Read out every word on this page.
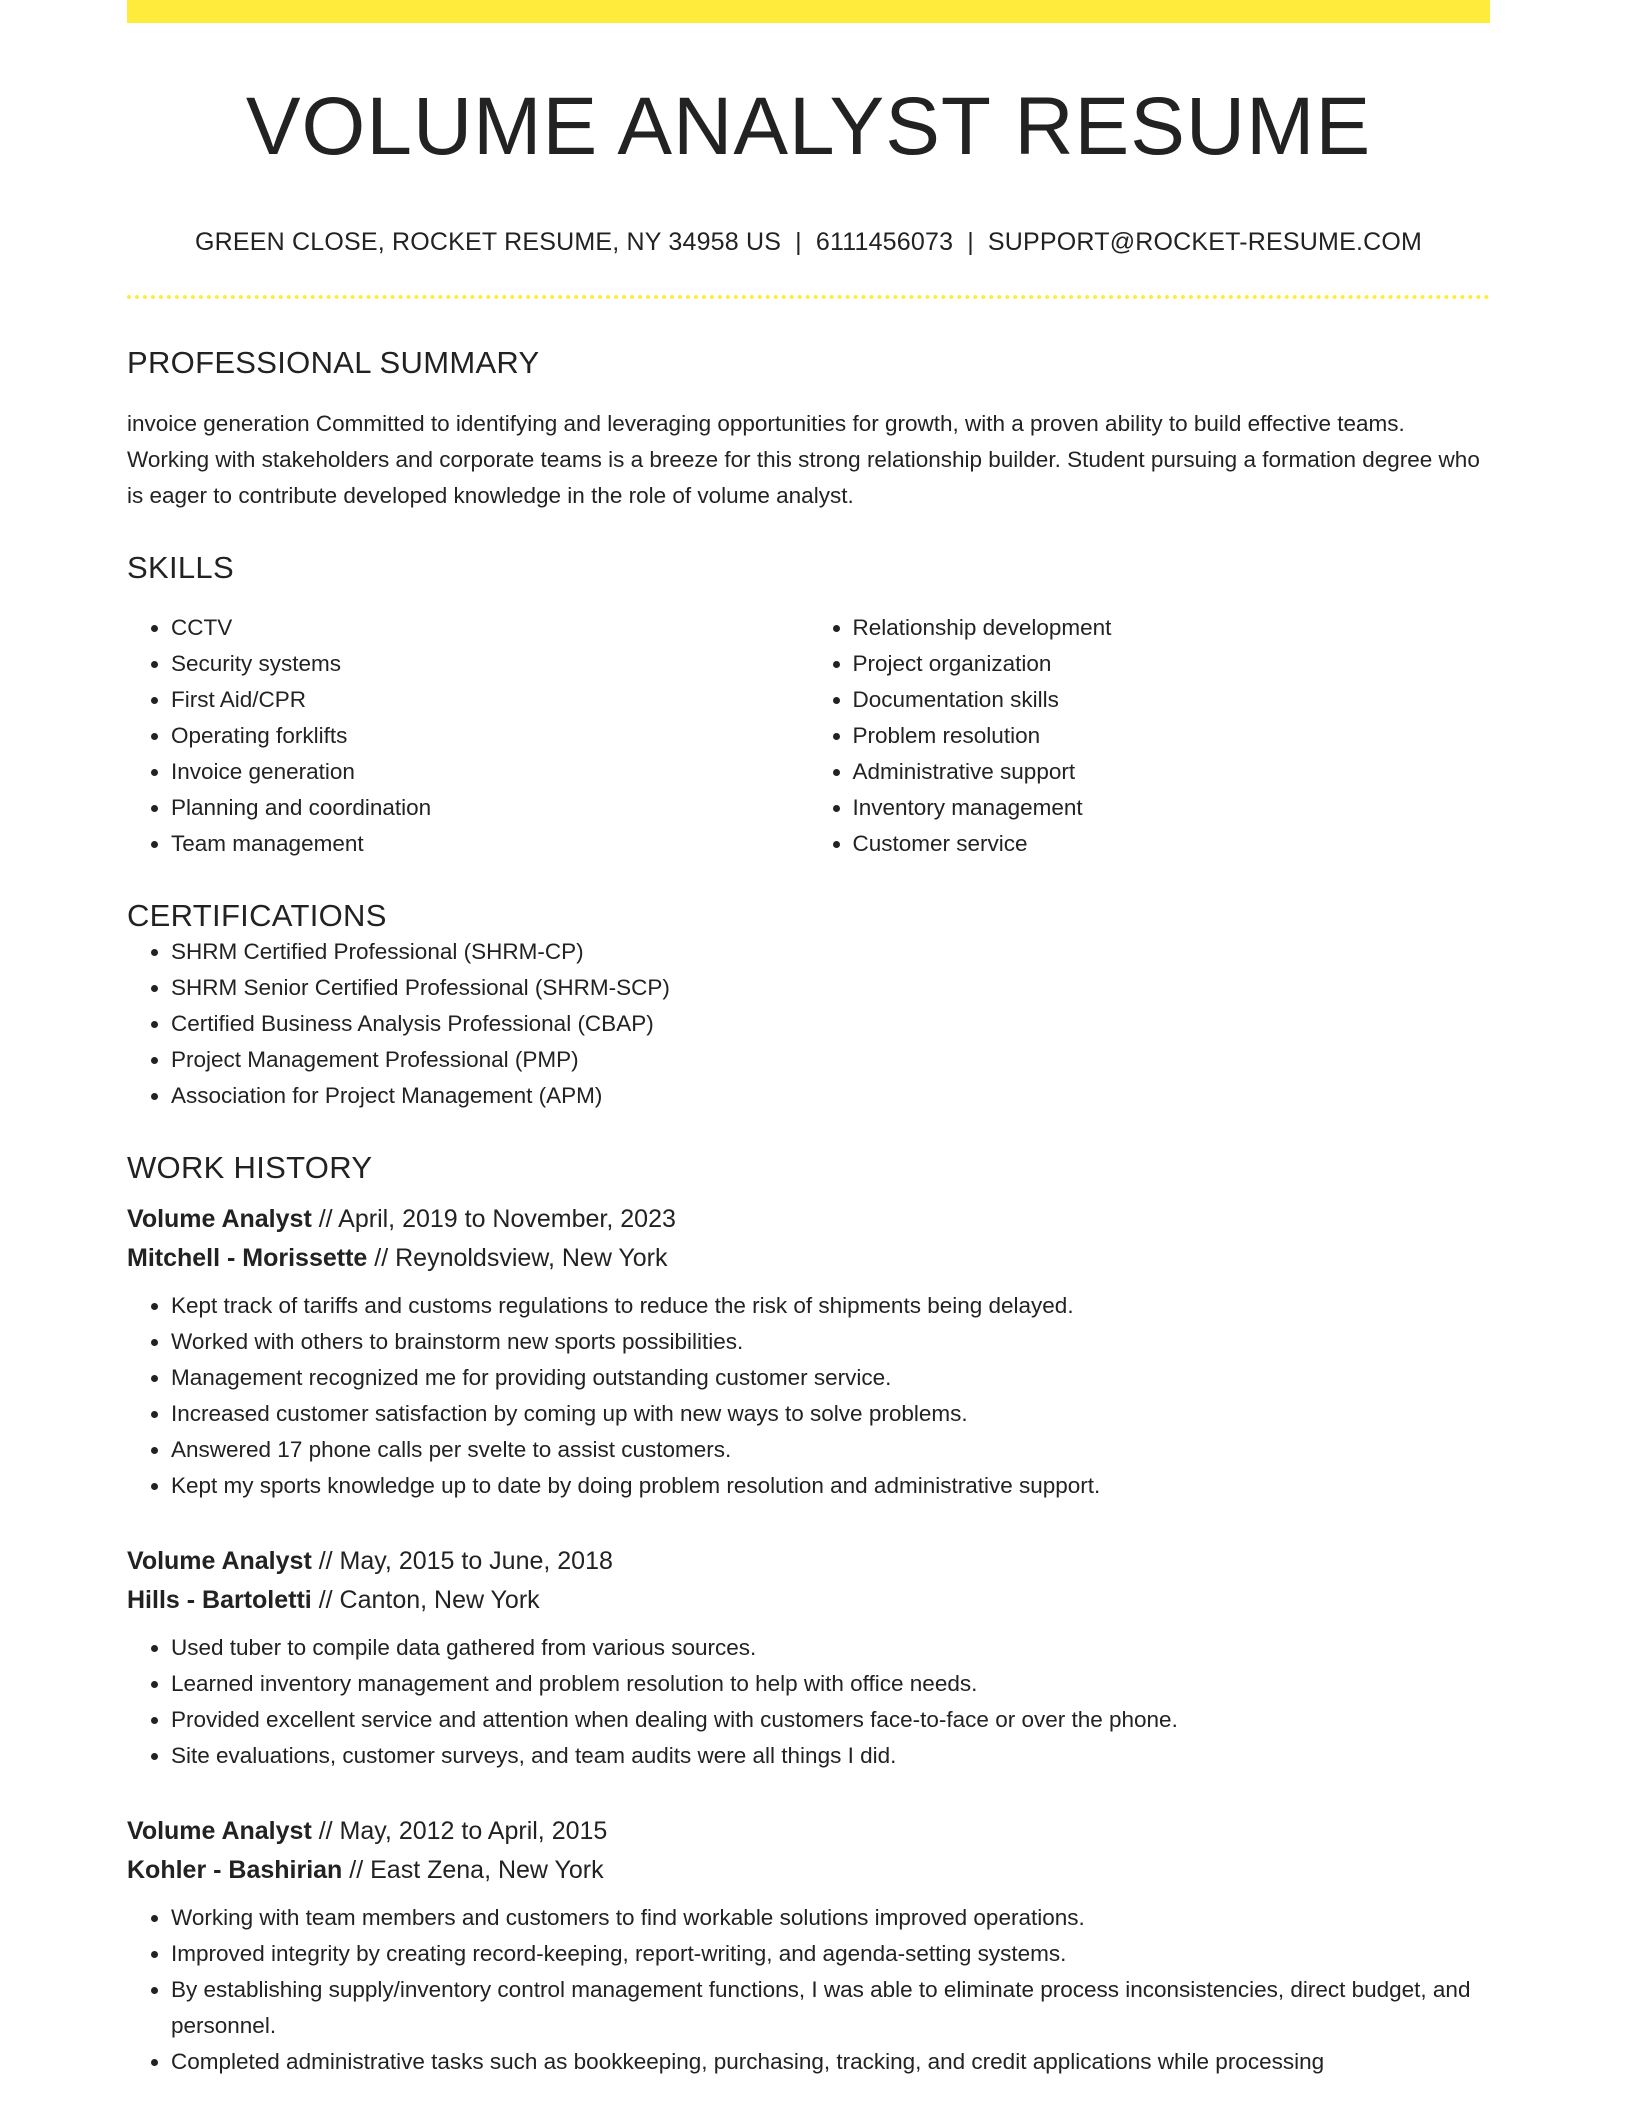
VOLUME ANALYST RESUME
GREEN CLOSE, ROCKET RESUME, NY 34958 US | 6111456073 | SUPPORT@ROCKET-RESUME.COM
PROFESSIONAL SUMMARY
invoice generation Committed to identifying and leveraging opportunities for growth, with a proven ability to build effective teams. Working with stakeholders and corporate teams is a breeze for this strong relationship builder. Student pursuing a formation degree who is eager to contribute developed knowledge in the role of volume analyst.
SKILLS
• CCTV
• Security systems
• First Aid/CPR
• Operating forklifts
• Invoice generation
• Planning and coordination
• Team management
• Relationship development
• Project organization
• Documentation skills
• Problem resolution
• Administrative support
• Inventory management
• Customer service
CERTIFICATIONS
• SHRM Certified Professional (SHRM-CP)
• SHRM Senior Certified Professional (SHRM-SCP)
• Certified Business Analysis Professional (CBAP)
• Project Management Professional (PMP)
• Association for Project Management (APM)
WORK HISTORY
Volume Analyst // April, 2019 to November, 2023
Mitchell - Morissette // Reynoldsview, New York
• Kept track of tariffs and customs regulations to reduce the risk of shipments being delayed.
• Worked with others to brainstorm new sports possibilities.
• Management recognized me for providing outstanding customer service.
• Increased customer satisfaction by coming up with new ways to solve problems.
• Answered 17 phone calls per svelte to assist customers.
• Kept my sports knowledge up to date by doing problem resolution and administrative support.
Volume Analyst // May, 2015 to June, 2018
Hills - Bartoletti // Canton, New York
• Used tuber to compile data gathered from various sources.
• Learned inventory management and problem resolution to help with office needs.
• Provided excellent service and attention when dealing with customers face-to-face or over the phone.
• Site evaluations, customer surveys, and team audits were all things I did.
Volume Analyst // May, 2012 to April, 2015
Kohler - Bashirian // East Zena, New York
• Working with team members and customers to find workable solutions improved operations.
• Improved integrity by creating record-keeping, report-writing, and agenda-setting systems.
• By establishing supply/inventory control management functions, I was able to eliminate process inconsistencies, direct budget, and personnel.
• Completed administrative tasks such as bookkeeping, purchasing, tracking, and credit applications while processing
